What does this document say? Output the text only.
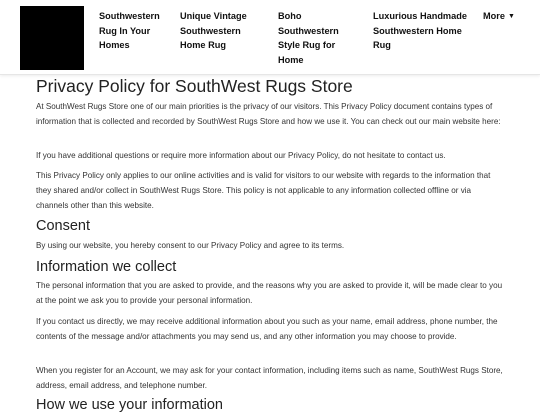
Southwestern Rug In Your Homes
Unique Vintage Southwestern Home Rug
Boho Southwestern Style Rug for Home
Luxurious Handmade Southwestern Home Rug
More ▼
Privacy Policy for SouthWest Rugs Store

At SouthWest Rugs Store one of our main priorities is the privacy of our visitors. This Privacy Policy document contains types of information that is collected and recorded by SouthWest Rugs Store and how we use it. You can check out our main website here:

If you have additional questions or require more information about our Privacy Policy, do not hesitate to contact us.

This Privacy Policy only applies to our online activities and is valid for visitors to our website with regards to the information that they shared and/or collect in SouthWest Rugs Store. This policy is not applicable to any information collected offline or via channels other than this website.

Consent

By using our website, you hereby consent to our Privacy Policy and agree to its terms.

Information we collect

The personal information that you are asked to provide, and the reasons why you are asked to provide it, will be made clear to you at the point we ask you to provide your personal information.

If you contact us directly, we may receive additional information about you such as your name, email address, phone number, the contents of the message and/or attachments you may send us, and any other information you may choose to provide.

When you register for an Account, we may ask for your contact information, including items such as name, SouthWest Rugs Store, address, email address, and telephone number.

How we use your information
